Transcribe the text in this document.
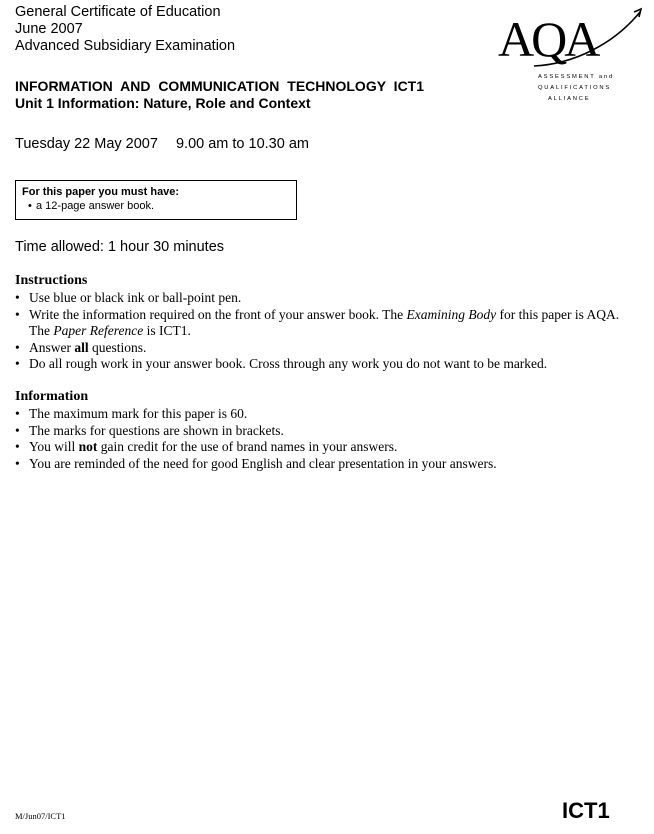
General Certificate of Education
June 2007
Advanced Subsidiary Examination	AQA
ASSESSMENT and
QUALIFICATIONS
ALLIANCE
INFORMATION AND COMMUNICATION TECHNOLOGY ICT1
Unit 1 Information: Nature, Role and Context
Tuesday 22 May 2007 9.00 am to 10.30 am
For this paper you must have:
• a 12-page answer book.
Time allowed: 1 hour 30 minutes
Instructions
• Use blue or black ink or ball-point pen.
• Write the information required on the front of your answer book. The Examining Body for this paper is AQA. The Paper Reference is ICT1.
• Answer all questions.
• Do all rough work in your answer book. Cross through any work you do not want to be marked.
Information
• The maximum mark for this paper is 60.
• The marks for questions are shown in brackets.
• You will not gain credit for the use of brand names in your answers.
• You are reminded of the need for good English and clear presentation in your answers.
M/Jun07/ICT1	ICT1
